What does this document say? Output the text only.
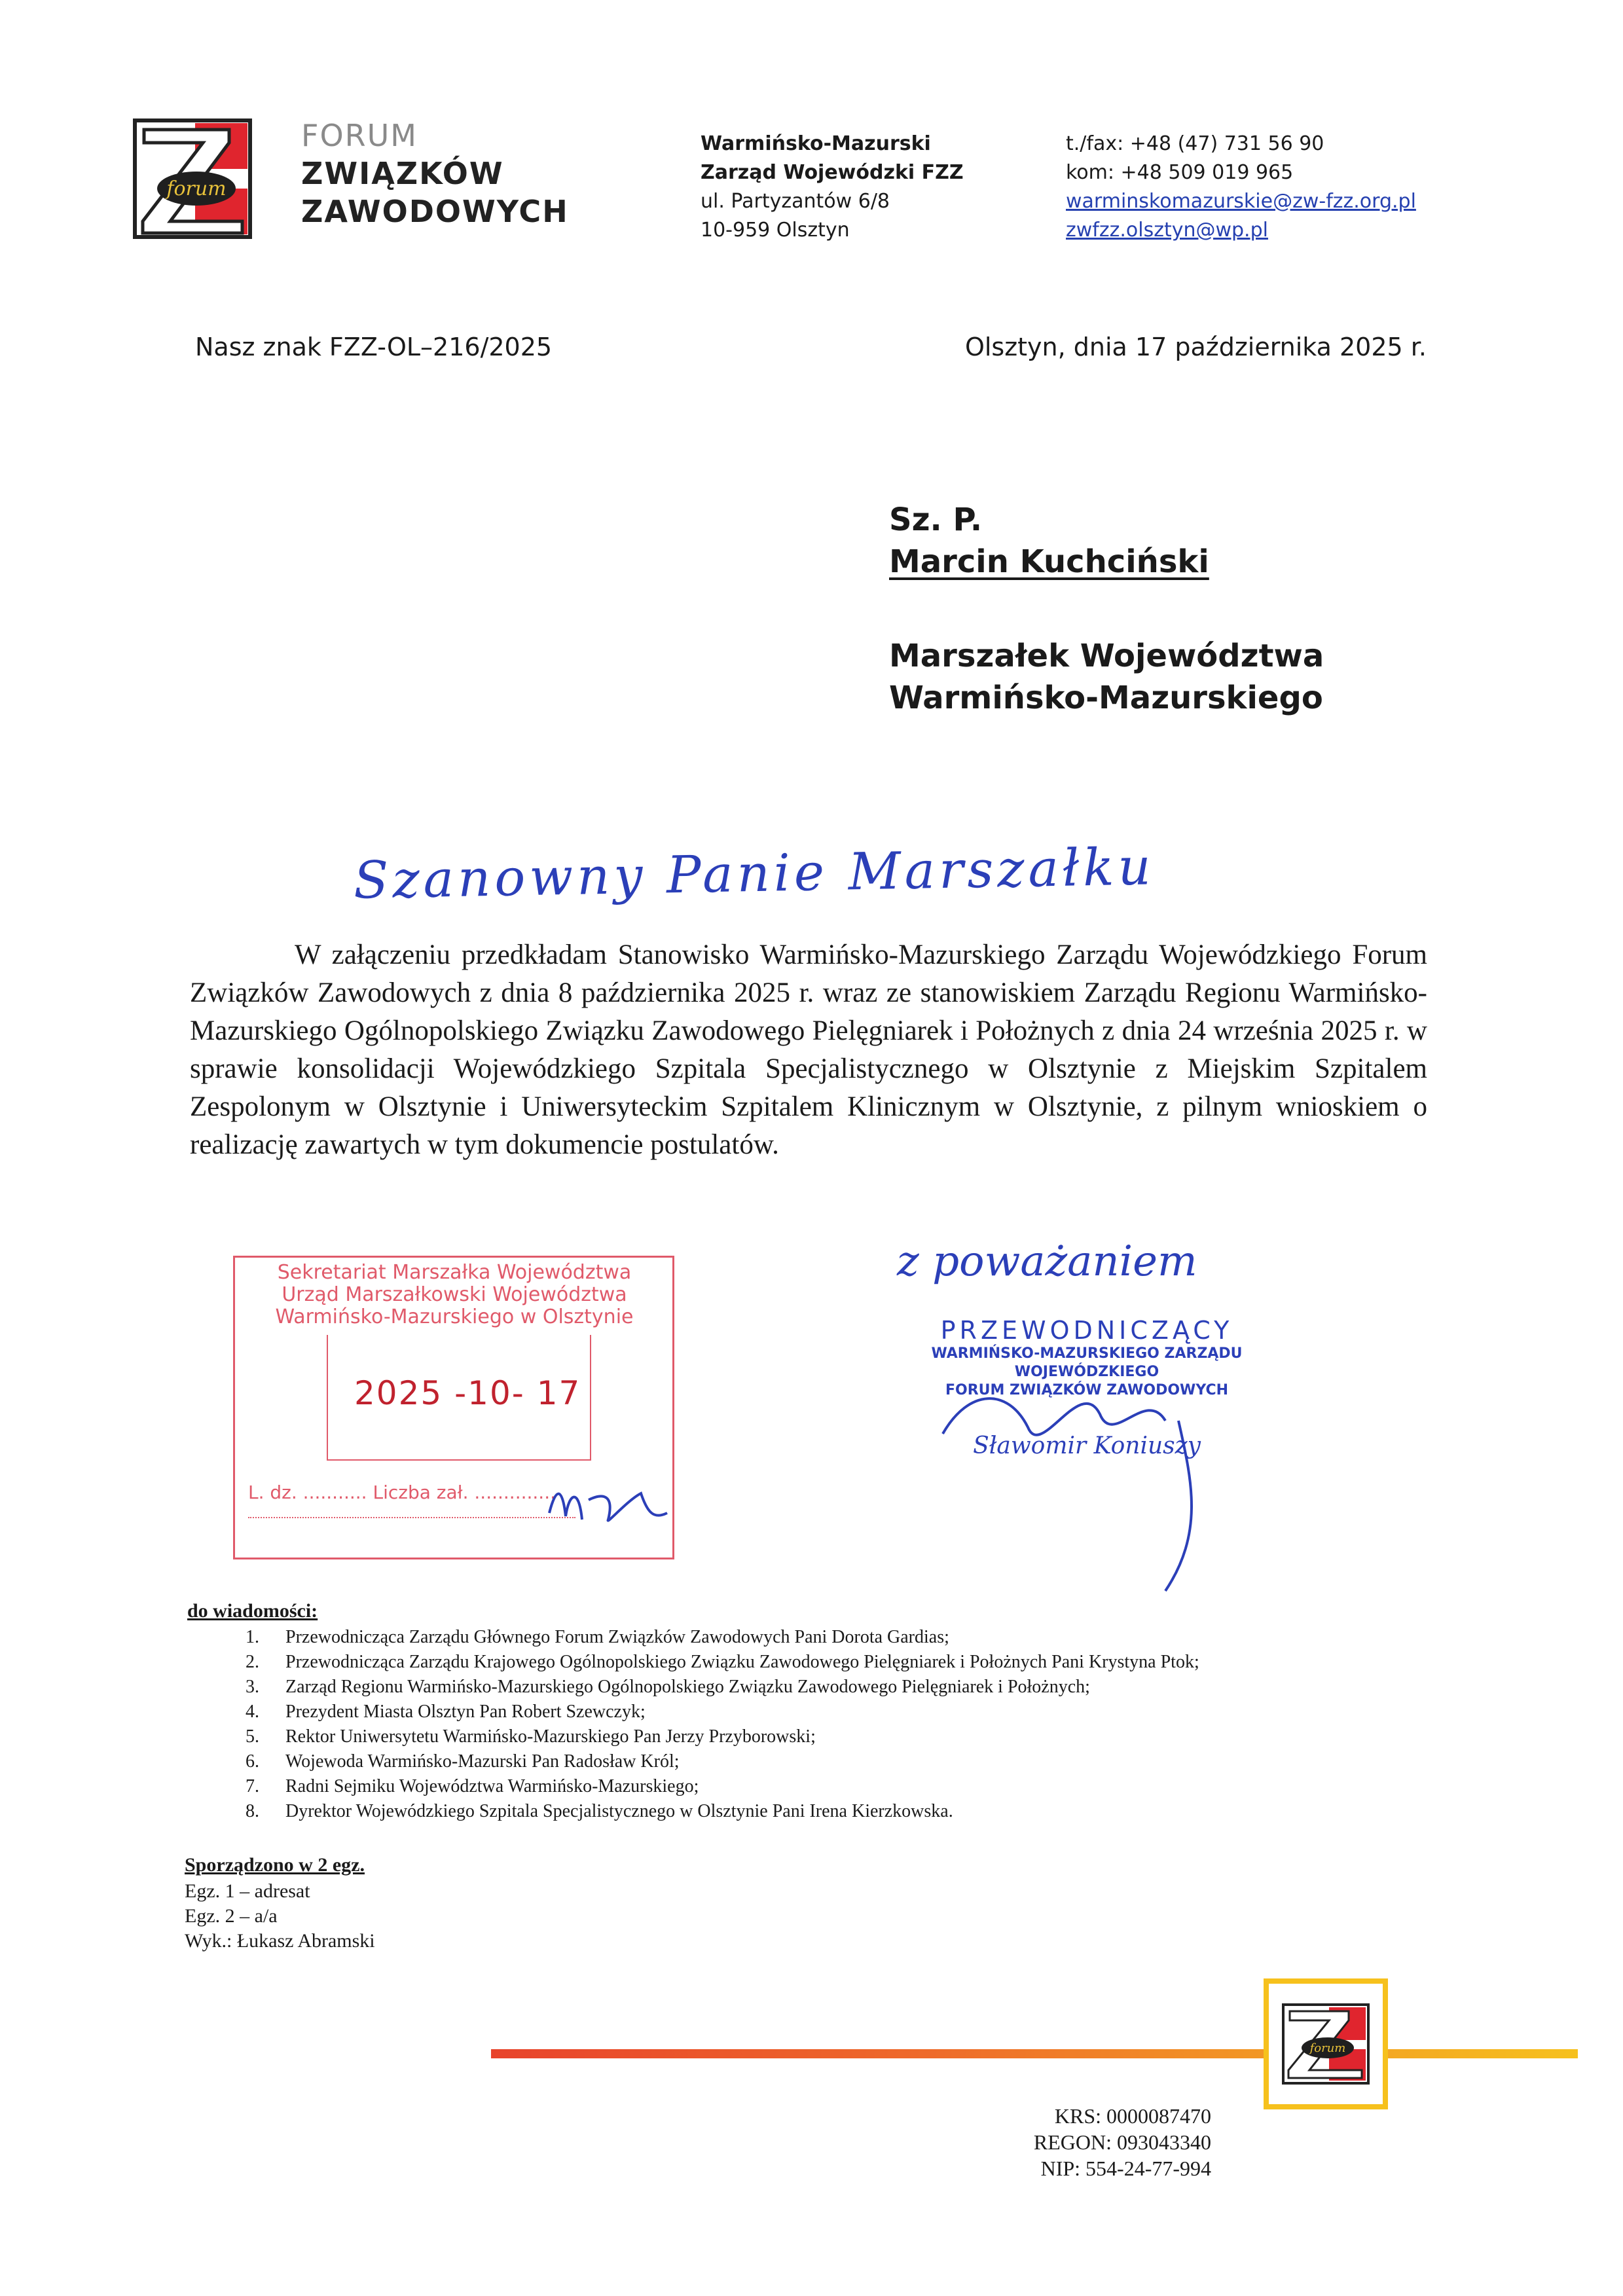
forum
FORUM
ZWIĄZKÓW
ZAWODOWYCH
Warmińsko-Mazurski
Zarząd Wojewódzki FZZ
ul. Partyzantów 6/8
10-959 Olsztyn
t./fax: +48 (47) 731 56 90
kom: +48 509 019 965
warminskomazurskie@zw-fzz.org.pl
zwfzz.olsztyn@wp.pl
Nasz znak FZZ-OL–216/2025	Olsztyn, dnia 17 października 2025 r.
Sz. P.
Marcin Kuchciński
Marszałek Województwa
Warmińsko-Mazurskiego
Szanowny Panie Marszałku
W załączeniu przedkładam Stanowisko Warmińsko-Mazurskiego Zarządu Wojewódzkiego Forum Związków Zawodowych z dnia 8 października 2025 r. wraz ze stanowiskiem Zarządu Regionu Warmińsko-Mazurskiego Ogólnopolskiego Związku Zawodowego Pielęgniarek i Położnych z dnia 24 września 2025 r. w sprawie konsolidacji Wojewódzkiego Szpitala Specjalistycznego w Olsztynie z Miejskim Szpitalem Zespolonym w Olsztynie i Uniwersyteckim Szpitalem Klinicznym w Olsztynie, z pilnym wnioskiem o realizację zawartych w tym dokumencie postulatów.
Sekretariat Marszałka Województwa
Urząd Marszałkowski Województwa
Warmińsko-Mazurskiego w Olsztynie
2025 -10- 17
L. dz. ........... Liczba zał. ..............
z poważaniem
PRZEWODNICZĄCY
WARMIŃSKO-MAZURSKIEGO ZARZĄDU WOJEWÓDZKIEGO
FORUM ZWIĄZKÓW ZAWODOWYCH
Sławomir Koniuszy
do wiadomości:
1.	Przewodnicząca Zarządu Głównego Forum Związków Zawodowych Pani Dorota Gardias;
2.	Przewodnicząca Zarządu Krajowego Ogólnopolskiego Związku Zawodowego Pielęgniarek i Położnych Pani Krystyna Ptok;
3.	Zarząd Regionu Warmińsko-Mazurskiego Ogólnopolskiego Związku Zawodowego Pielęgniarek i Położnych;
4.	Prezydent Miasta Olsztyn Pan Robert Szewczyk;
5.	Rektor Uniwersytetu Warmińsko-Mazurskiego Pan Jerzy Przyborowski;
6.	Wojewoda Warmińsko-Mazurski Pan Radosław Król;
7.	Radni Sejmiku Województwa Warmińsko-Mazurskiego;
8.	Dyrektor Wojewódzkiego Szpitala Specjalistycznego w Olsztynie Pani Irena Kierzkowska.
Sporządzono w 2 egz.
Egz. 1 – adresat
Egz. 2 – a/a
Wyk.: Łukasz Abramski
forum
KRS: 0000087470
REGON: 093043340
NIP: 554-24-77-994
